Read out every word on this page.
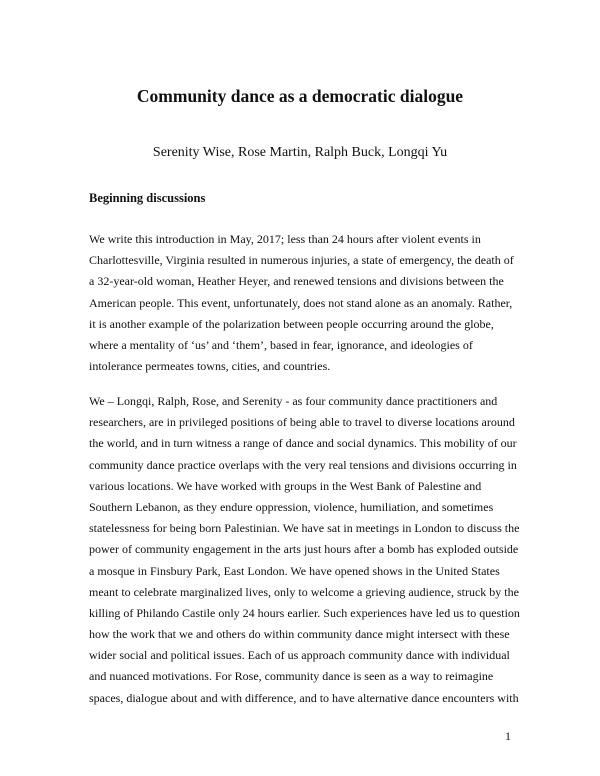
Community dance as a democratic dialogue

Serenity Wise, Rose Martin, Ralph Buck, Longqi Yu

Beginning discussions

We write this introduction in May, 2017; less than 24 hours after violent events in
Charlottesville, Virginia resulted in numerous injuries, a state of emergency, the death of
a 32-year-old woman, Heather Heyer, and renewed tensions and divisions between the
American people. This event, unfortunately, does not stand alone as an anomaly. Rather,
it is another example of the polarization between people occurring around the globe,
where a mentality of ‘us’ and ‘them’, based in fear, ignorance, and ideologies of
intolerance permeates towns, cities, and countries.

We – Longqi, Ralph, Rose, and Serenity - as four community dance practitioners and
researchers, are in privileged positions of being able to travel to diverse locations around
the world, and in turn witness a range of dance and social dynamics. This mobility of our
community dance practice overlaps with the very real tensions and divisions occurring in
various locations. We have worked with groups in the West Bank of Palestine and
Southern Lebanon, as they endure oppression, violence, humiliation, and sometimes
statelessness for being born Palestinian. We have sat in meetings in London to discuss the
power of community engagement in the arts just hours after a bomb has exploded outside
a mosque in Finsbury Park, East London. We have opened shows in the United States
meant to celebrate marginalized lives, only to welcome a grieving audience, struck by the
killing of Philando Castile only 24 hours earlier. Such experiences have led us to question
how the work that we and others do within community dance might intersect with these
wider social and political issues. Each of us approach community dance with individual
and nuanced motivations. For Rose, community dance is seen as a way to reimagine
spaces, dialogue about and with difference, and to have alternative dance encounters with

1
